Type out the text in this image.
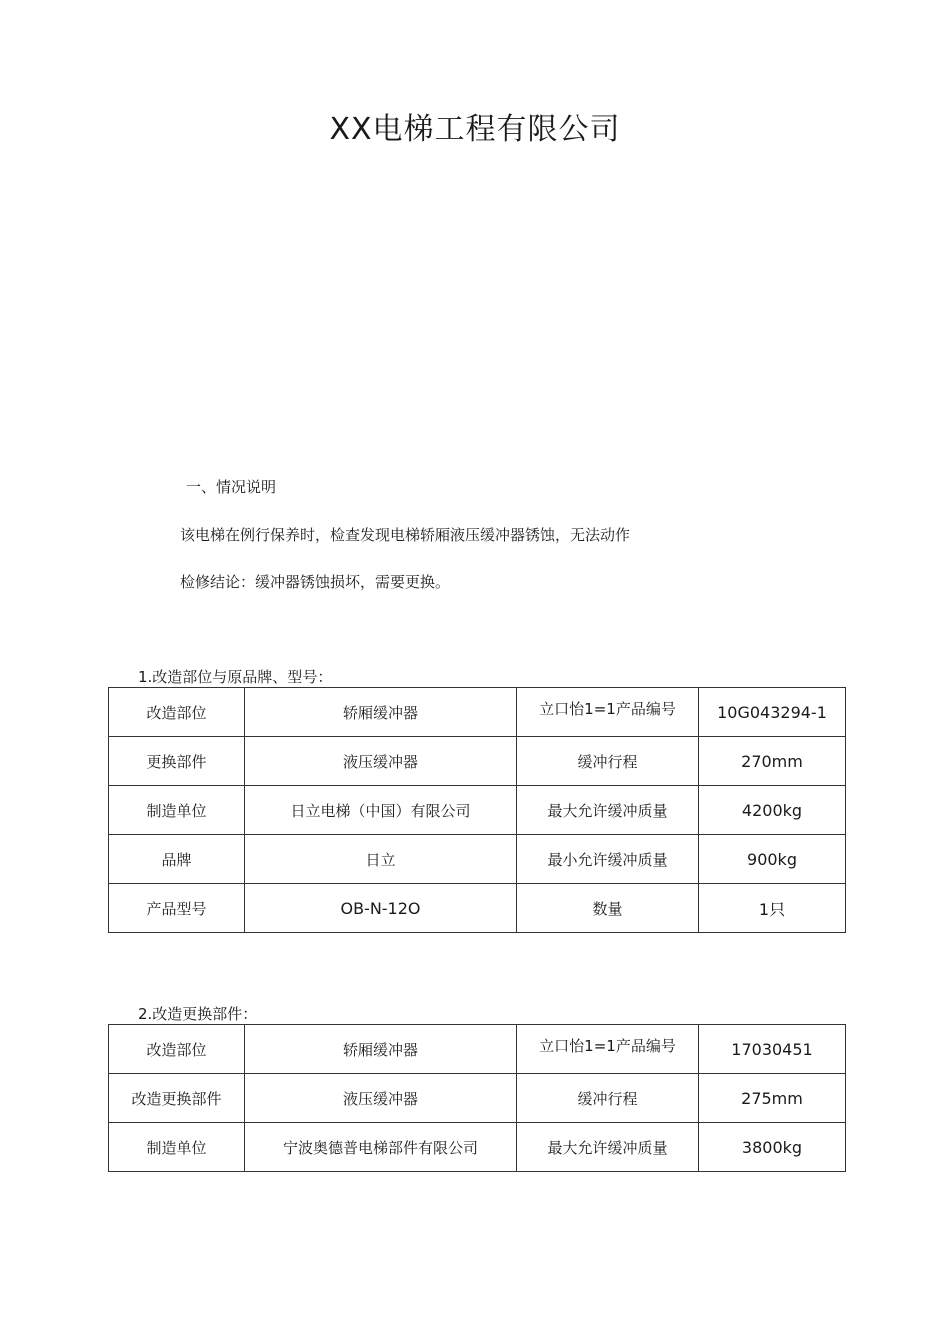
XX电梯工程有限公司
一、情况说明
该电梯在例行保养时，检查发现电梯轿厢液压缓冲器锈蚀，无法动作
检修结论：缓冲器锈蚀损坏，需要更换。
1.改造部位与原品牌、型号：
改造部位	轿厢缓冲器	立口怡1=1产品编号	10G043294-1
更换部件	液压缓冲器	缓冲行程	270mm
制造单位	日立电梯（中国）有限公司	最大允许缓冲质量	4200kg
品牌	日立	最小允许缓冲质量	900kg
产品型号	OB-N-12O	数量	1只
2.改造更换部件：
改造部位	轿厢缓冲器	立口怡1=1产品编号	17030451
改造更换部件	液压缓冲器	缓冲行程	275mm
制造单位	宁波奥德普电梯部件有限公司	最大允许缓冲质量	3800kg
